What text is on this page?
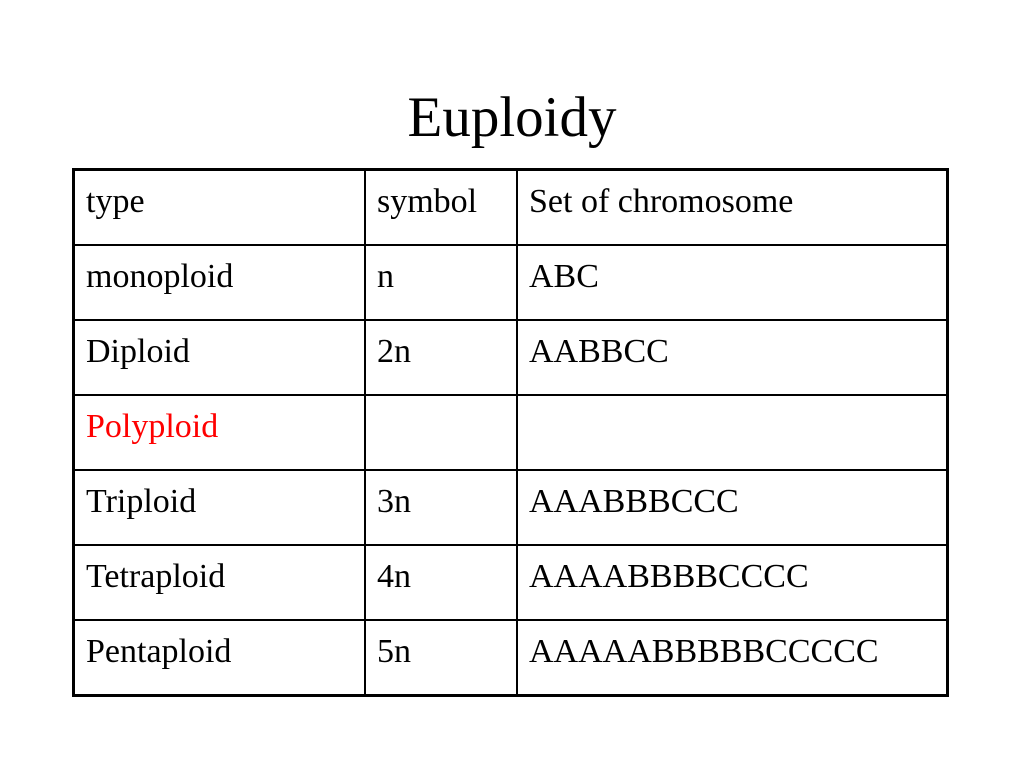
Euploidy
type	symbol	Set of chromosome
monoploid	n	ABC
Diploid	2n	AABBCC
Polyploid		
Triploid	3n	AAABBBCCC
Tetraploid	4n	AAAABBBBCCCC
Pentaploid	5n	AAAAABBBBBCCCCC
